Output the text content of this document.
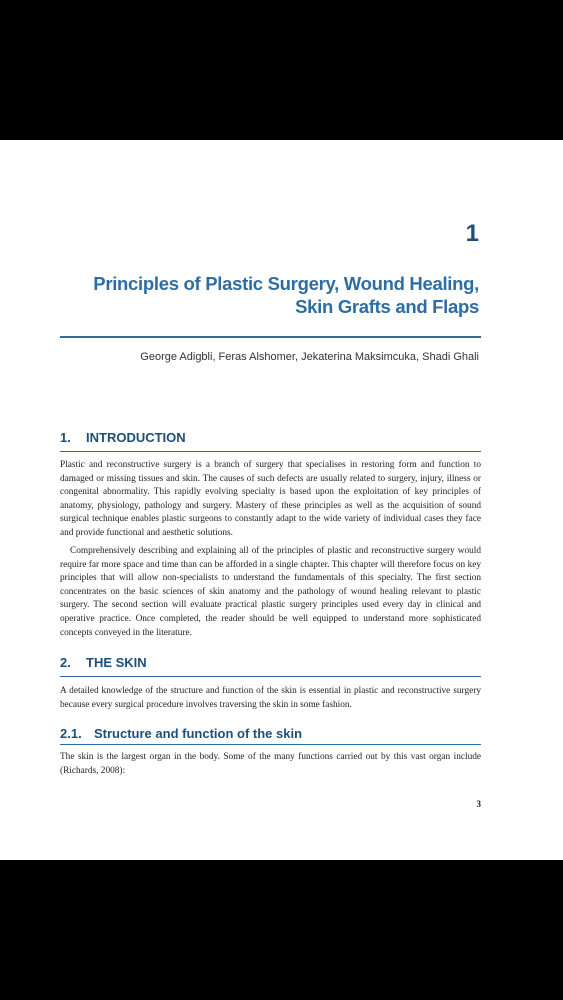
1

Principles of Plastic Surgery, Wound Healing,
Skin Grafts and Flaps

George Adigbli, Feras Alshomer, Jekaterina Maksimcuka, Shadi Ghali

1. INTRODUCTION

Plastic and reconstructive surgery is a branch of surgery that specialises in restoring form and function to damaged or missing tissues and skin. The causes of such defects are usually related to surgery, injury, illness or congenital abnormality. This rapidly evolving specialty is based upon the exploitation of key principles of anatomy, physiology, pathology and surgery. Mastery of these principles as well as the acquisition of sound surgical technique enables plastic surgeons to constantly adapt to the wide variety of individual cases they face and provide functional and aesthetic solutions.

Comprehensively describing and explaining all of the principles of plastic and reconstructive surgery would require far more space and time than can be afforded in a single chapter. This chapter will therefore focus on key principles that will allow non-specialists to understand the fundamentals of this specialty. The first section concentrates on the basic sciences of skin anatomy and the pathology of wound healing relevant to plastic surgery. The second section will evaluate practical plastic surgery principles used every day in clinical and operative practice. Once completed, the reader should be well equipped to understand more sophisticated concepts conveyed in the literature.

2. THE SKIN

A detailed knowledge of the structure and function of the skin is essential in plastic and reconstructive surgery because every surgical procedure involves traversing the skin in some fashion.

2.1. Structure and function of the skin

The skin is the largest organ in the body. Some of the many functions carried out by this vast organ include (Richards, 2008):

3
